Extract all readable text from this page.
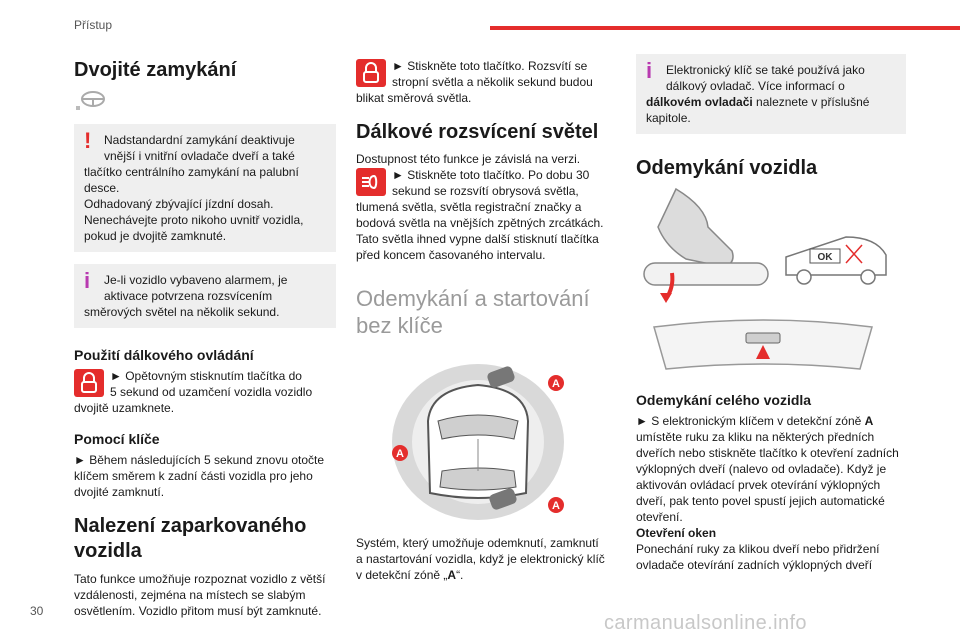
Přístup
30
carmanualsonline.info
Dvojité zamykání
!	Nadstandardní zamykání deaktivuje
vnější i vnitřní ovladače dveří a také
tlačítko centrálního zamykání na palubní desce.
Odhadovaný zbývající jízdní dosah.
Nenechávejte proto nikoho uvnitř vozidla, pokud je dvojitě zamknuté.
i	Je-li vozidlo vybaveno alarmem, je
aktivace potvrzena rozsvícením
směrových světel na několik sekund.
Použití dálkového ovládání

► Opětovným stisknutím tlačítka do

5 sekund od uzamčení vozidla vozidlo

dvojitě uzamknete.

Pomocí klíče

► Během následujících 5 sekund znovu otočte klíčem směrem k zadní části vozidla pro jeho dvojité zamknutí.

Nalezení zaparkovaného vozidla

Tato funkce umožňuje rozpoznat vozidlo z větší vzdálenosti, zejména na místech se slabým osvětlením. Vozidlo přitom musí být zamknuté.

► Stiskněte toto tlačítko. Rozsvítí se

stropní světla a několik sekund budou

blikat směrová světla.

Dálkové rozsvícení světel

Dostupnost této funkce je závislá na verzi.

► Stiskněte toto tlačítko. Po dobu 30

sekund se rozsvítí obrysová světla,

tlumená světla, světla registrační značky a bodová světla na vnějších zpětných zrcátkách. Tato světla ihned vypne další stisknutí tlačítka před koncem časovaného intervalu.

Odemykání a startování bez klíče
A
A
A

Systém, který umožňuje odemknutí, zamknutí a nastartování vozidla, když je elektronický klíč v detekční zóně „A“.

i	Elektronický klíč se také používá jako
dálkový ovladač. Více informací o
dálkovém ovladači naleznete v příslušné kapitole.
Odemykání vozidla
OK
Odemykání celého vozidla

► S elektronickým klíčem v detekční zóně A umístěte ruku za kliku na některých předních dveřích nebo stiskněte tlačítko k otevření zadních výklopných dveří (nalevo od ovladače). Když je aktivován ovládací prvek otevírání výklopných dveří, pak tento povel spustí jejich automatické otevření.

Otevření oken

Ponechání ruky za klikou dveří nebo přidržení ovladače otevírání zadních výklopných dveří
